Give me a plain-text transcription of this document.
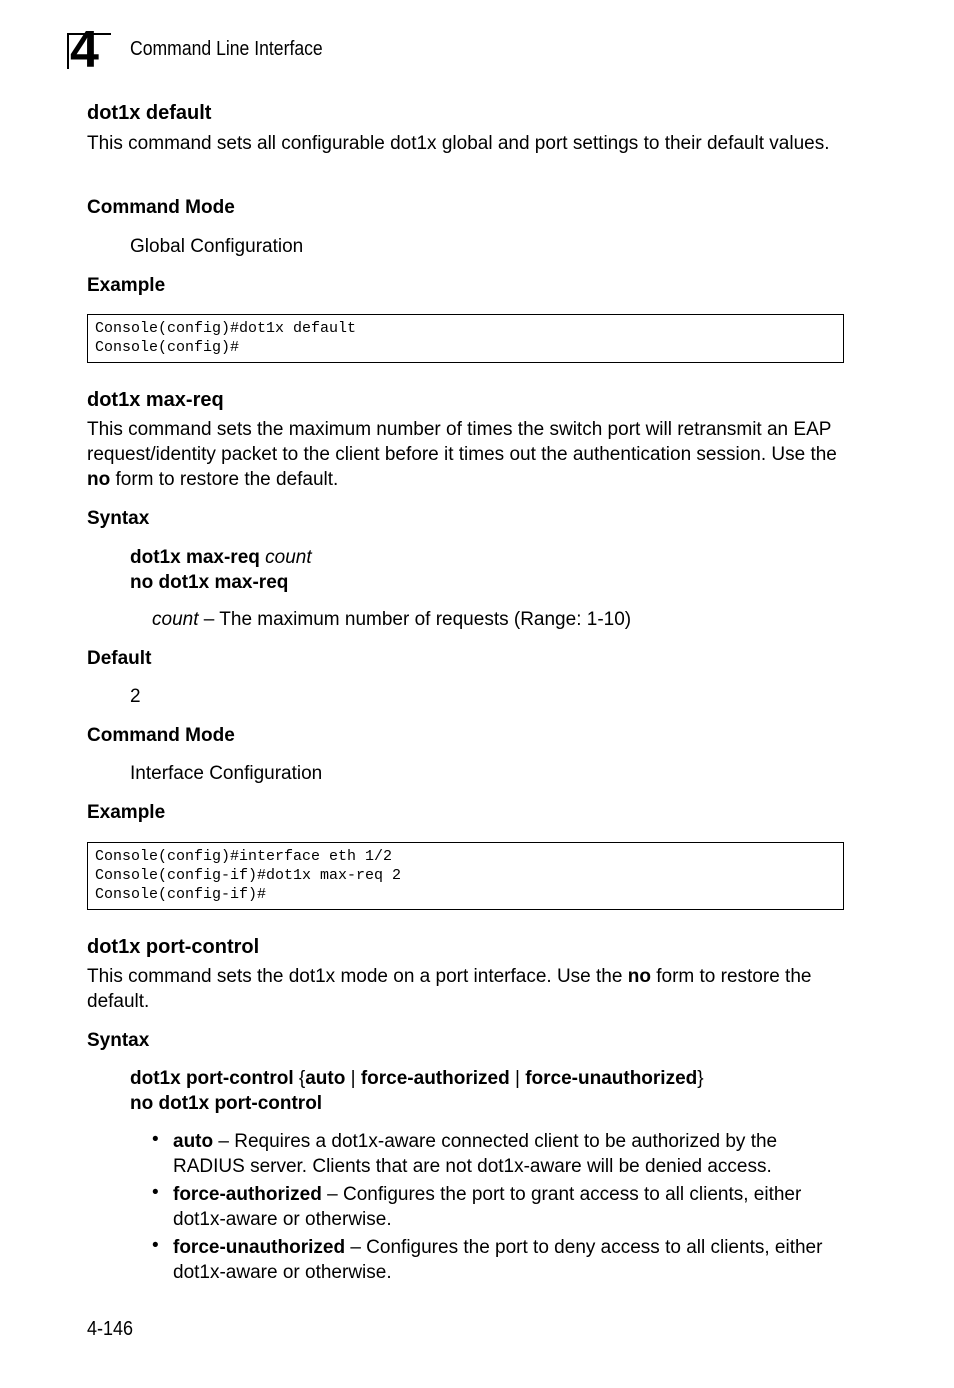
4 Command Line Interface
dot1x default
This command sets all configurable dot1x global and port settings to their default values.
Command Mode
Global Configuration
Example
Console(config)#dot1x default
Console(config)#
dot1x max-req
This command sets the maximum number of times the switch port will retransmit an EAP request/identity packet to the client before it times out the authentication session. Use the no form to restore the default.
Syntax
dot1x max-req count
no dot1x max-req
count – The maximum number of requests (Range: 1-10)
Default
2
Command Mode
Interface Configuration
Example
Console(config)#interface eth 1/2
Console(config-if)#dot1x max-req 2
Console(config-if)#
dot1x port-control
This command sets the dot1x mode on a port interface. Use the no form to restore the default.
Syntax
dot1x port-control {auto | force-authorized | force-unauthorized}
no dot1x port-control
• auto – Requires a dot1x-aware connected client to be authorized by the RADIUS server. Clients that are not dot1x-aware will be denied access.
• force-authorized – Configures the port to grant access to all clients, either dot1x-aware or otherwise.
• force-unauthorized – Configures the port to deny access to all clients, either dot1x-aware or otherwise.
4-146
